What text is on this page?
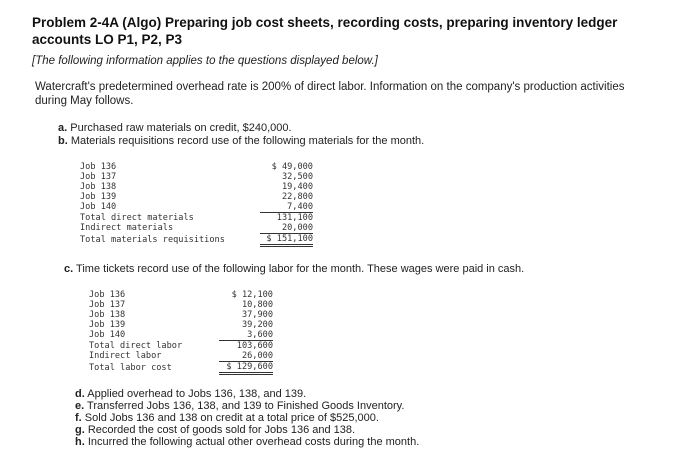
Problem 2-4A (Algo) Preparing job cost sheets, recording costs, preparing inventory ledger accounts LO P1, P2, P3
[The following information applies to the questions displayed below.]
Watercraft's predetermined overhead rate is 200% of direct labor. Information on the company's production activities during May follows.
a. Purchased raw materials on credit, $240,000.
b. Materials requisitions record use of the following materials for the month.
Job 136	$ 49,000
Job 137	32,500
Job 138	19,400
Job 139	22,800
Job 140	7,400
Total direct materials	131,100
Indirect materials	20,000
Total materials requisitions	$ 151,100
c. Time tickets record use of the following labor for the month. These wages were paid in cash.
Job 136	$ 12,100
Job 137	10,800
Job 138	37,900
Job 139	39,200
Job 140	3,600
Total direct labor	103,600
Indirect labor	26,000
Total labor cost	$ 129,600
d. Applied overhead to Jobs 136, 138, and 139.
e. Transferred Jobs 136, 138, and 139 to Finished Goods Inventory.
f. Sold Jobs 136 and 138 on credit at a total price of $525,000.
g. Recorded the cost of goods sold for Jobs 136 and 138.
h. Incurred the following actual other overhead costs during the month.
